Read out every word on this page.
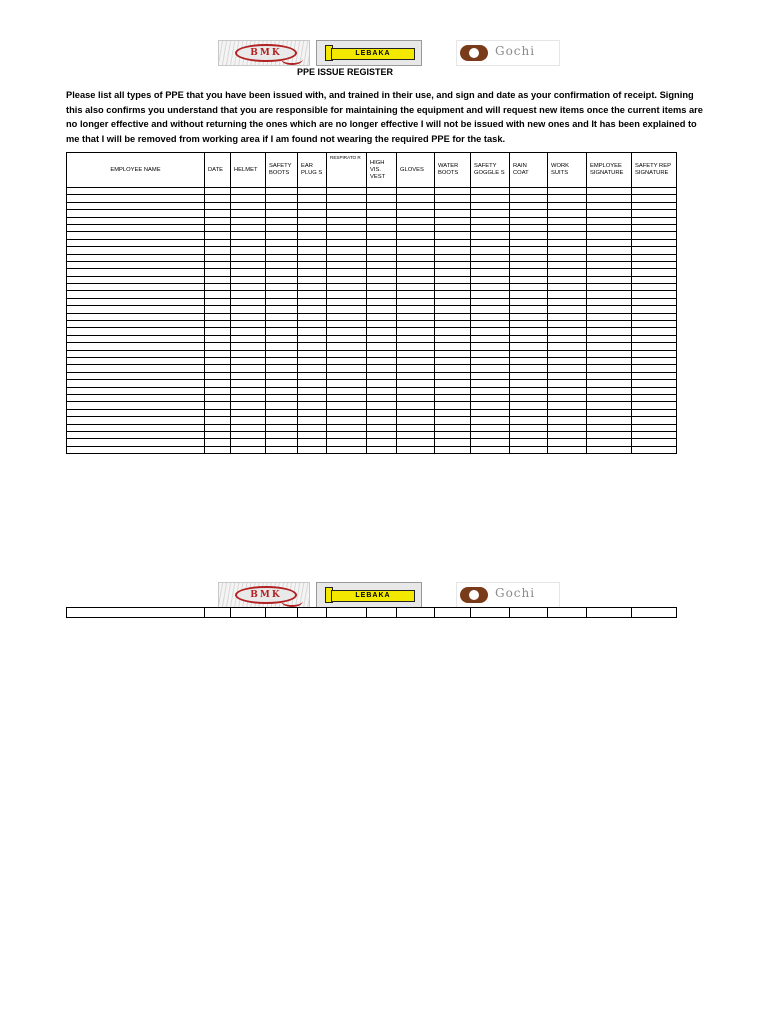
BMK	LEBAKA	Gochi
PPE ISSUE REGISTER
Please list all types of PPE that you have been issued with, and trained in their use, and sign and date as your confirmation of receipt. Signing this also confirms you understand that you are responsible for maintaining the equipment and will request new items once the current items are no longer effective and without returning the ones which are no longer effective I will not be issued with new ones and It has been explained to me that I will be removed from working area if I am found not wearing the required PPE for the task.
EMPLOYEE NAME	DATE	HELMET	SAFETY BOOTS	EAR PLUG S	RESPIRATO R	HIGH VIS. VEST	GLOVES	WATER BOOTS	SAFETY GOGGLE S	RAIN COAT	WORK SUITS	EMPLOYEE SIGNATURE	SAFETY REP SIGNATURE

BMK	LEBAKA	Gochi
